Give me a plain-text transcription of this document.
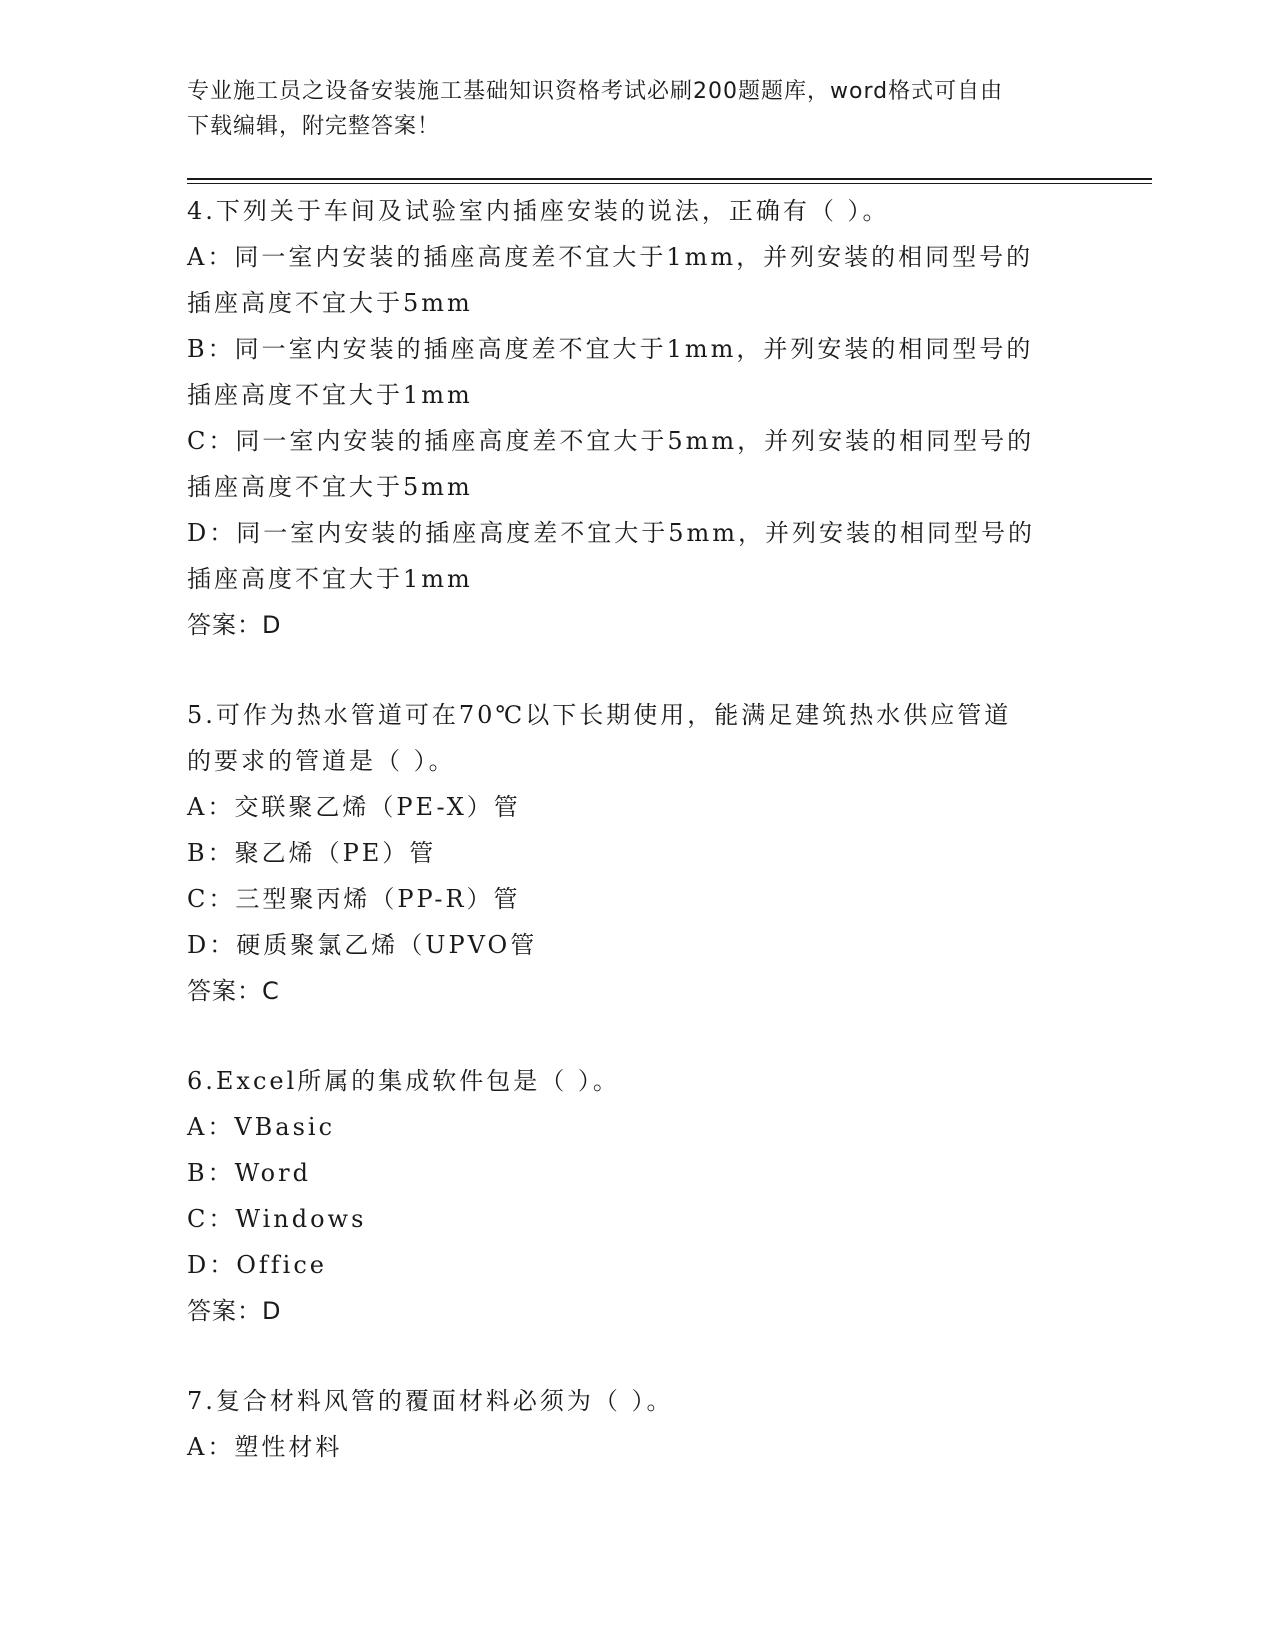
专业施工员之设备安装施工基础知识资格考试必刷200题题库，word格式可自由
下载编辑，附完整答案！
4.下列关于车间及试验室内插座安装的说法，正确有（ ）。
A：同一室内安装的插座高度差不宜大于1mm，并列安装的相同型号的
插座高度不宜大于5mm
B：同一室内安装的插座高度差不宜大于1mm，并列安装的相同型号的
插座高度不宜大于1mm
C：同一室内安装的插座高度差不宜大于5mm，并列安装的相同型号的
插座高度不宜大于5mm
D：同一室内安装的插座高度差不宜大于5mm，并列安装的相同型号的
插座高度不宜大于1mm
答案：D
5.可作为热水管道可在70℃以下长期使用，能满足建筑热水供应管道
的要求的管道是（ ）。
A：交联聚乙烯（PE-X）管
B：聚乙烯（PE）管
C：三型聚丙烯（PP-R）管
D：硬质聚氯乙烯（UPVO管
答案：C
6.Excel所属的集成软件包是（ ）。
A：VBasic
B：Word
C：Windows
D：Office
答案：D
7.复合材料风管的覆面材料必须为（ ）。
A：塑性材料
